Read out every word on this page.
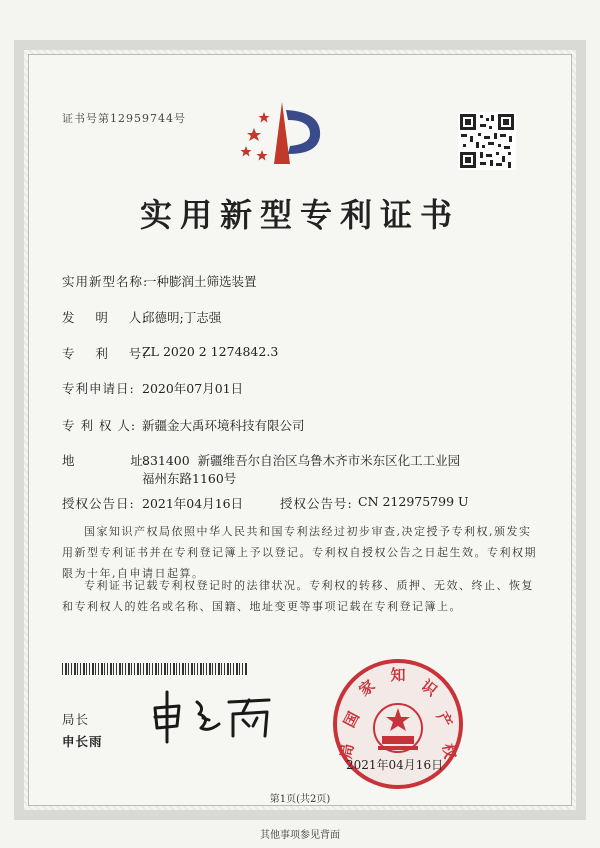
证书号第12959744号
实用新型专利证书
实用新型名称:
一种膨润土筛选装置
发    明    人:
邱德明;丁志强
专    利    号:
ZL 2020 2 1274842.3
专利申请日: 2020年07月01日
专 利 权 人: 新疆金大禹环境科技有限公司
地           址:
831400  新疆维吾尔自治区乌鲁木齐市米东区化工工业园
福州东路1160号
授权公告日: 2021年04月16日	授权公告号: CN 212975799 U
国家知识产权局依照中华人民共和国专利法经过初步审查,决定授予专利权,颁发实用新型专利证书并在专利登记簿上予以登记。专利权自授权公告之日起生效。专利权期限为十年,自申请日起算。
专利证书记载专利权登记时的法律状况。专利权的转移、质押、无效、终止、恢复和专利权人的姓名或名称、国籍、地址变更等事项记载在专利登记簿上。
局长
申长雨
国
家
知
识
产
权
局
2021年04月16日
第1页(共2页)
其他事项参见背面
